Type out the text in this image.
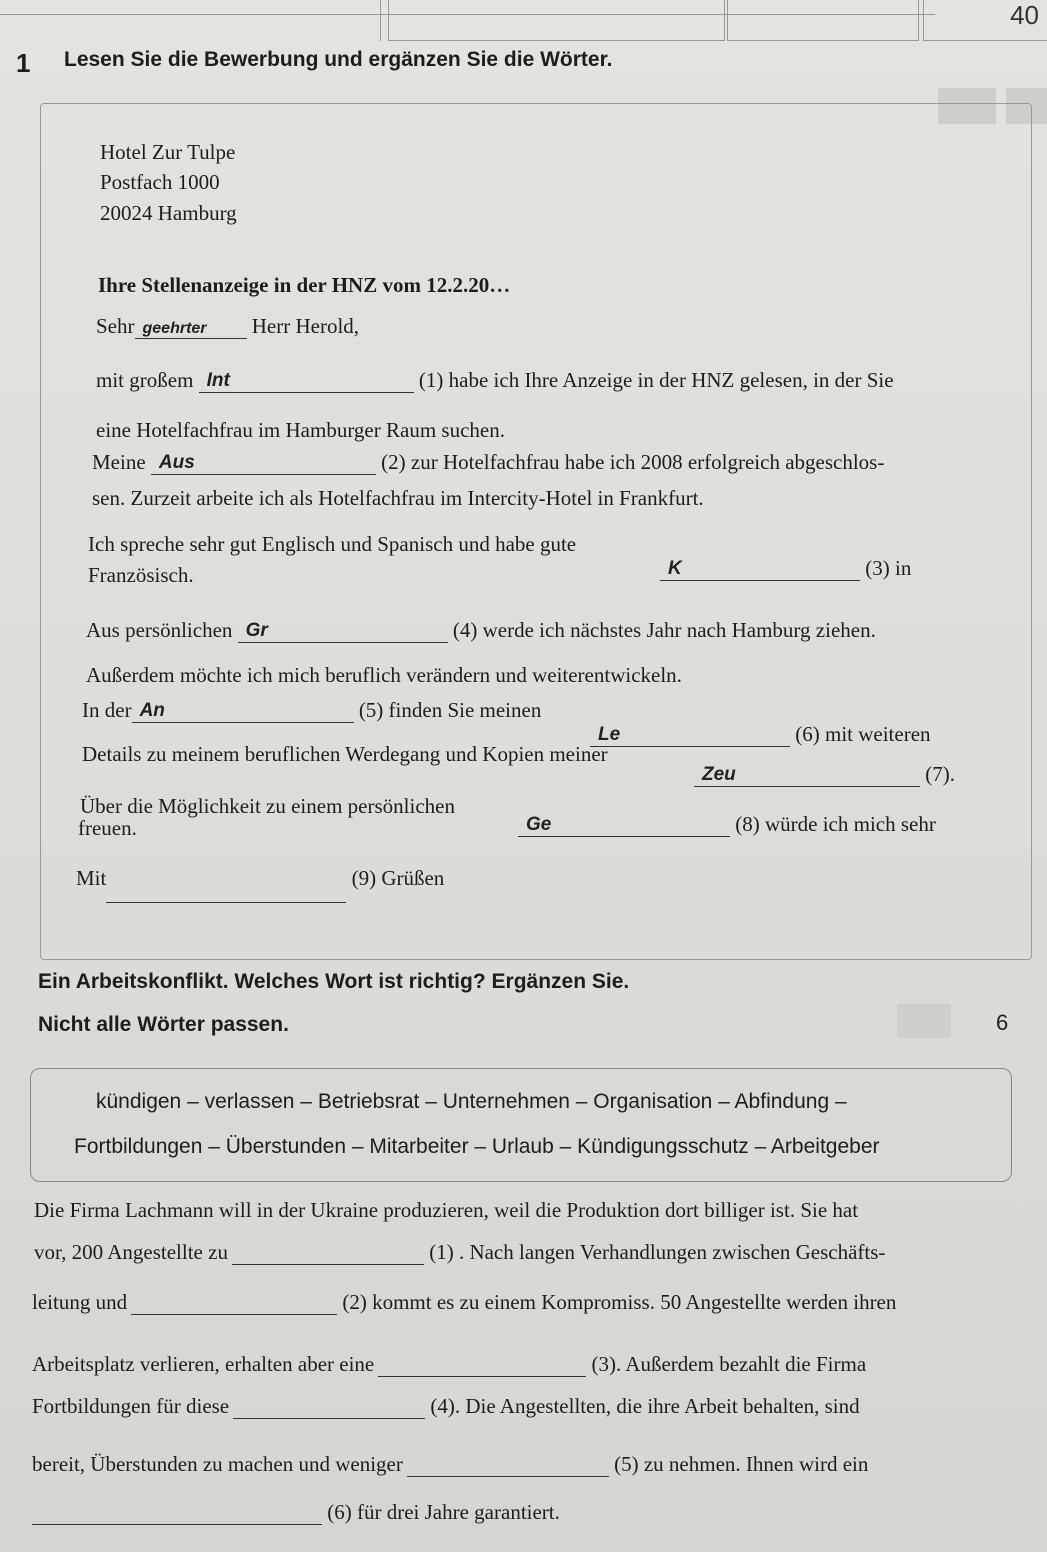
40
1 Lesen Sie die Bewerbung und ergänzen Sie die Wörter.
Hotel Zur Tulpe
Postfach 1000
20024 Hamburg
Ihre Stellenanzeige in der HNZ vom 12.2.20…
Sehr geehrter Herr Herold,
mit großem Int	(1) habe ich Ihre Anzeige in der HNZ gelesen, in der Sie
eine Hotelfachfrau im Hamburger Raum suchen.
Meine Aus	(2) zur Hotelfachfrau habe ich 2008 erfolgreich abgeschlos-
sen. Zurzeit arbeite ich als Hotelfachfrau im Intercity-Hotel in Frankfurt.
Ich spreche sehr gut Englisch und Spanisch und habe gute
K	(3) in
Französisch.
Aus persönlichen Gr	(4) werde ich nächstes Jahr nach Hamburg ziehen.
Außerdem möchte ich mich beruflich verändern und weiterentwickeln.
In der An	(5) finden Sie meinen
Le	(6) mit weiteren
Details zu meinem beruflichen Werdegang und Kopien meiner
Zeu	(7).
Über die Möglichkeit zu einem persönlichen
Ge	(8) würde ich mich sehr
freuen.
Mit	(9) Grüßen
Ein Arbeitskonflikt. Welches Wort ist richtig? Ergänzen Sie.
Nicht alle Wörter passen.	6
kündigen – verlassen – Betriebsrat – Unternehmen – Organisation – Abfindung –
Fortbildungen – Überstunden – Mitarbeiter – Urlaub – Kündigungsschutz – Arbeitgeber
Die Firma Lachmann will in der Ukraine produzieren, weil die Produktion dort billiger ist. Sie hat
vor, 200 Angestellte zu	(1) . Nach langen Verhandlungen zwischen Geschäfts-
leitung und	(2) kommt es zu einem Kompromiss. 50 Angestellte werden ihren
Arbeitsplatz verlieren, erhalten aber eine	(3). Außerdem bezahlt die Firma
Fortbildungen für diese	(4). Die Angestellten, die ihre Arbeit behalten, sind
bereit, Überstunden zu machen und weniger	(5) zu nehmen. Ihnen wird ein
(6) für drei Jahre garantiert.
